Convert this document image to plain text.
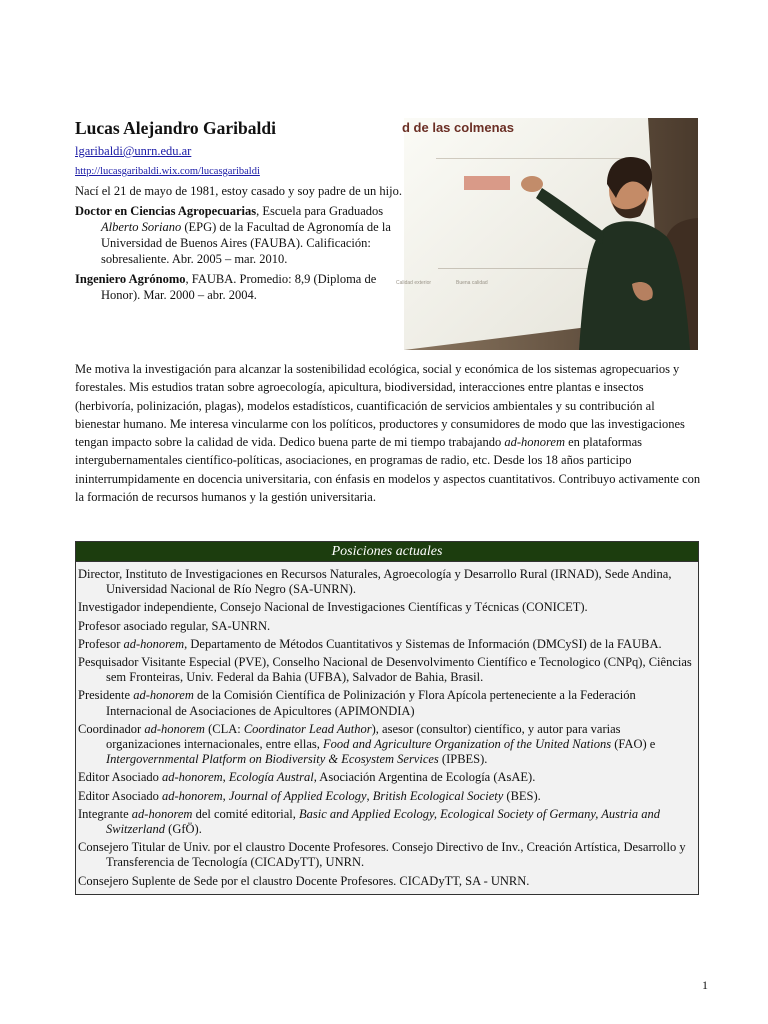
Lucas Alejandro Garibaldi
lgaribaldi@unrn.edu.ar
http://lucasgaribaldi.wix.com/lucasgaribaldi

Nací el 21 de mayo de 1981, estoy casado y soy padre de un hijo.

Doctor en Ciencias Agropecuarias, Escuela para Graduados Alberto Soriano (EPG) de la Facultad de Agronomía de la Universidad de Buenos Aires (FAUBA). Calificación: sobresaliente. Abr. 2005 – mar. 2010.

Ingeniero Agrónomo, FAUBA. Promedio: 8,9 (Diploma de Honor). Mar. 2000 – abr. 2004.

d de las colmenas
Calidad exterior	Buena calidad

Me motiva la investigación para alcanzar la sostenibilidad ecológica, social y económica de los sistemas agropecuarios y forestales. Mis estudios tratan sobre agroecología, apicultura, biodiversidad, interacciones entre plantas e insectos (herbivoría, polinización, plagas), modelos estadísticos, cuantificación de servicios ambientales y su contribución al bienestar humano. Me interesa vincularme con los políticos, productores y consumidores de modo que las investigaciones tengan impacto sobre la calidad de vida. Dedico buena parte de mi tiempo trabajando ad-honorem en plataformas intergubernamentales científico-políticas, asociaciones, en programas de radio, etc. Desde los 18 años participo ininterrumpidamente en docencia universitaria, con énfasis en modelos y aspectos cuantitativos. Contribuyo activamente con la formación de recursos humanos y la gestión universitaria.

Posiciones actuales
Director, Instituto de Investigaciones en Recursos Naturales, Agroecología y Desarrollo Rural (IRNAD), Sede Andina, Universidad Nacional de Río Negro (SA-UNRN).
Investigador independiente, Consejo Nacional de Investigaciones Científicas y Técnicas (CONICET).
Profesor asociado regular, SA-UNRN.
Profesor ad-honorem, Departamento de Métodos Cuantitativos y Sistemas de Información (DMCySI) de la FAUBA.
Pesquisador Visitante Especial (PVE), Conselho Nacional de Desenvolvimento Científico e Tecnologico (CNPq), Ciências sem Fronteiras, Univ. Federal da Bahia (UFBA), Salvador de Bahia, Brasil.
Presidente ad-honorem de la Comisión Científica de Polinización y Flora Apícola perteneciente a la Federación Internacional de Asociaciones de Apicultores (APIMONDIA)
Coordinador ad-honorem (CLA: Coordinator Lead Author), asesor (consultor) científico, y autor para varias organizaciones internacionales, entre ellas, Food and Agriculture Organization of the United Nations (FAO) e Intergovernmental Platform on Biodiversity & Ecosystem Services (IPBES).
Editor Asociado ad-honorem, Ecología Austral, Asociación Argentina de Ecología (AsAE).
Editor Asociado ad-honorem, Journal of Applied Ecology, British Ecological Society (BES).
Integrante ad-honorem del comité editorial, Basic and Applied Ecology, Ecological Society of Germany, Austria and Switzerland (GfÖ).
Consejero Titular de Univ. por el claustro Docente Profesores. Consejo Directivo de Inv., Creación Artística, Desarrollo y Transferencia de Tecnología (CICADyTT), UNRN.
Consejero Suplente de Sede por el claustro Docente Profesores. CICADyTT, SA - UNRN.
1
